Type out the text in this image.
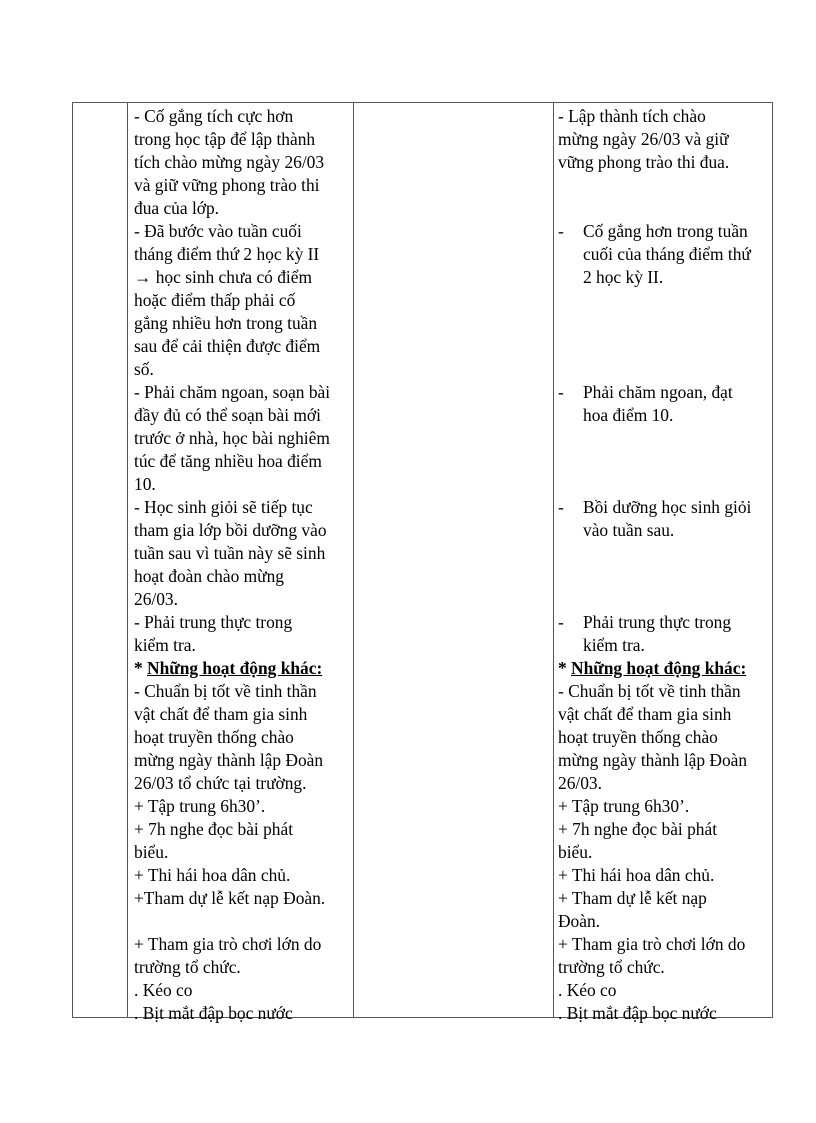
- Cố gắng tích cực hơn
trong học tập để lập thành
tích chào mừng ngày 26/03
và giữ vững phong trào thi
đua của lớp.
- Đã bước vào tuần cuối
tháng điểm thứ 2 học kỳ II
→ học sinh chưa có điểm
hoặc điểm thấp phải cố
gắng nhiều hơn trong tuần
sau để cải thiện được điểm
số.
- Phải chăm ngoan, soạn bài
đầy đủ có thể soạn bài mới
trước ở nhà, học bài nghiêm
túc để tăng nhiều hoa điểm
10.
- Học sinh giỏi sẽ tiếp tục
tham gia lớp bồi dưỡng vào
tuần sau vì tuần này sẽ sinh
hoạt đoàn chào mừng
26/03.
- Phải trung thực trong
kiểm tra.
* Những hoạt động khác:
- Chuẩn bị tốt về tinh thần
vật chất để tham gia sinh
hoạt truyền thống chào
mừng ngày thành lập Đoàn
26/03 tổ chức tại trường.
+ Tập trung 6h30’.
+ 7h nghe đọc bài phát
biểu.
+ Thi hái hoa dân chủ.
+Tham dự lễ kết nạp Đoàn.
+ Tham gia trò chơi lớn do
trường tổ chức.
. Kéo co
. Bịt mắt đập bọc nước
- Lập thành tích chào
mừng ngày 26/03 và giữ
vững phong trào thi đua.
- Cố gắng hơn trong tuần
cuối của tháng điểm thứ
2 học kỳ II.
- Phải chăm ngoan, đạt
hoa điểm 10.
- Bồi dưỡng học sinh giỏi
vào tuần sau.
- Phải trung thực trong
kiểm tra.
* Những hoạt động khác:
- Chuẩn bị tốt về tinh thần
vật chất để tham gia sinh
hoạt truyền thống chào
mừng ngày thành lập Đoàn
26/03.
+ Tập trung 6h30’.
+ 7h nghe đọc bài phát
biểu.
+ Thi hái hoa dân chủ.
+ Tham dự lễ kết nạp
Đoàn.
+ Tham gia trò chơi lớn do
trường tổ chức.
. Kéo co
. Bịt mắt đập bọc nước
